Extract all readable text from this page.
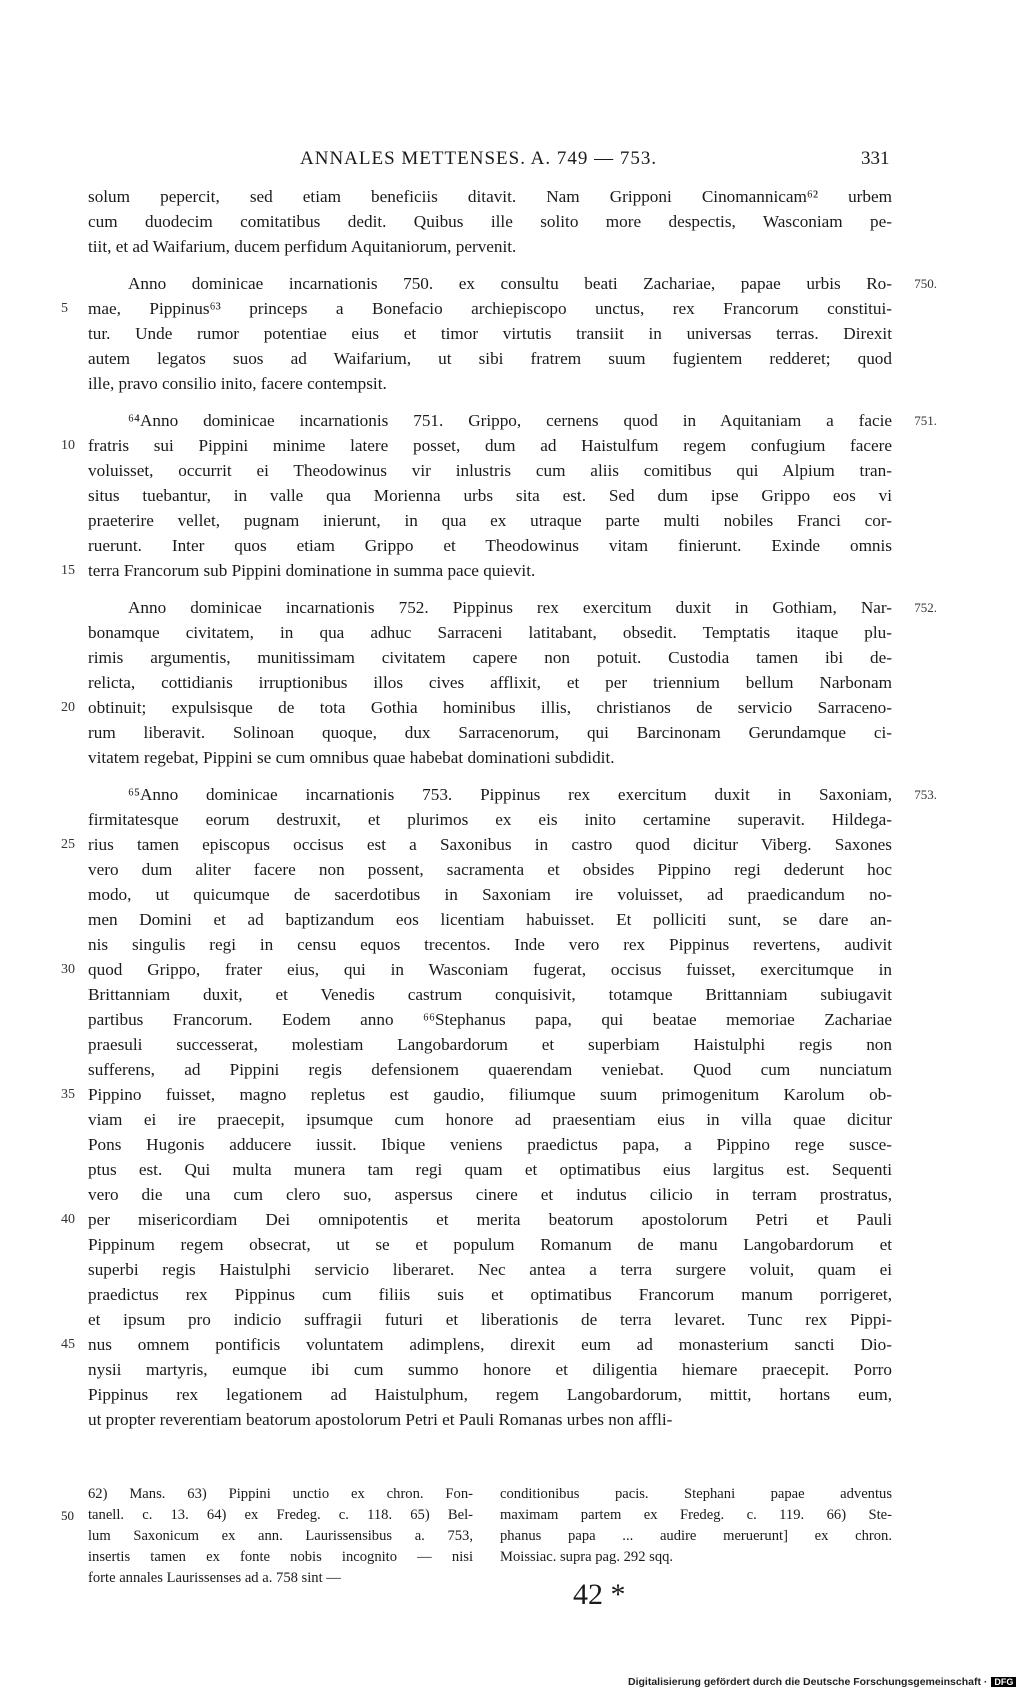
ANNALES METTENSES. A. 749 — 753.	331
solum pepercit, sed etiam beneficiis ditavit. Nam Gripponi Cinomannicam⁶² urbem
cum duodecim comitatibus dedit. Quibus ille solito more despectis, Wasconiam pe-
tiit, et ad Waifarium, ducem perfidum Aquitaniorum, pervenit.
Anno dominicae incarnationis 750. ex consultu beati Zachariae, papae urbis Ro- 750.
mae, Pippinus⁶³ princeps a Bonefacio archiepiscopo unctus, rex Francorum constitui-
5
tur. Unde rumor potentiae eius et timor virtutis transiit in universas terras. Direxit
autem legatos suos ad Waifarium, ut sibi fratrem suum fugientem redderet; quod
ille, pravo consilio inito, facere contempsit.
⁶⁴Anno dominicae incarnationis 751. Grippo, cernens quod in Aquitaniam a facie 751.
fratris sui Pippini minime latere posset, dum ad Haistulfum regem confugium facere
10
voluisset, occurrit ei Theodowinus vir inlustris cum aliis comitibus qui Alpium tran-
situs tuebantur, in valle qua Morienna urbs sita est. Sed dum ipse Grippo eos vi
praeterire vellet, pugnam inierunt, in qua ex utraque parte multi nobiles Franci cor-
ruerunt. Inter quos etiam Grippo et Theodowinus vitam finierunt. Exinde omnis
terra Francorum sub Pippini dominatione in summa pace quievit.
15
Anno dominicae incarnationis 752. Pippinus rex exercitum duxit in Gothiam, Nar- 752.
bonamque civitatem, in qua adhuc Sarraceni latitabant, obsedit. Temptatis itaque plu-
rimis argumentis, munitissimam civitatem capere non potuit. Custodia tamen ibi de-
relicta, cottidianis irruptionibus illos cives afflixit, et per triennium bellum Narbonam
obtinuit; expulsisque de tota Gothia hominibus illis, christianos de servicio Sarraceno-
20
rum liberavit. Solinoan quoque, dux Sarracenorum, qui Barcinonam Gerundamque ci-
vitatem regebat, Pippini se cum omnibus quae habebat dominationi subdidit.
⁶⁵Anno dominicae incarnationis 753. Pippinus rex exercitum duxit in Saxoniam, 753.
firmitatesque eorum destruxit, et plurimos ex eis inito certamine superavit. Hildega-
rius tamen episcopus occisus est a Saxonibus in castro quod dicitur Viberg. Saxones
25
vero dum aliter facere non possent, sacramenta et obsides Pippino regi dederunt hoc
modo, ut quicumque de sacerdotibus in Saxoniam ire voluisset, ad praedicandum no-
men Domini et ad baptizandum eos licentiam habuisset. Et polliciti sunt, se dare an-
nis singulis regi in censu equos trecentos. Inde vero rex Pippinus revertens, audivit
quod Grippo, frater eius, qui in Wasconiam fugerat, occisus fuisset, exercitumque in
30
Brittanniam duxit, et Venedis castrum conquisivit, totamque Brittanniam subiugavit
partibus Francorum. Eodem anno ⁶⁶Stephanus papa, qui beatae memoriae Zachariae
praesuli successerat, molestiam Langobardorum et superbiam Haistulphi regis non
sufferens, ad Pippini regis defensionem quaerendam veniebat. Quod cum nunciatum
Pippino fuisset, magno repletus est gaudio, filiumque suum primogenitum Karolum ob-
35
viam ei ire praecepit, ipsumque cum honore ad praesentiam eius in villa quae dicitur
Pons Hugonis adducere iussit. Ibique veniens praedictus papa, a Pippino rege susce-
ptus est. Qui multa munera tam regi quam et optimatibus eius largitus est. Sequenti
vero die una cum clero suo, aspersus cinere et indutus cilicio in terram prostratus,
per misericordiam Dei omnipotentis et merita beatorum apostolorum Petri et Pauli
40
Pippinum regem obsecrat, ut se et populum Romanum de manu Langobardorum et
superbi regis Haistulphi servicio liberaret. Nec antea a terra surgere voluit, quam ei
praedictus rex Pippinus cum filiis suis et optimatibus Francorum manum porrigeret,
et ipsum pro indicio suffragii futuri et liberationis de terra levaret. Tunc rex Pippi-
nus omnem pontificis voluntatem adimplens, direxit eum ad monasterium sancti Dio-
45
nysii martyris, eumque ibi cum summo honore et diligentia hiemare praecepit. Porro
Pippinus rex legationem ad Haistulphum, regem Langobardorum, mittit, hortans eum,
ut propter reverentiam beatorum apostolorum Petri et Pauli Romanas urbes non affli-
62) Mans. 63) Pippini unctio ex chron. Fon-
tanell. c. 13. 64) ex Fredeg. c. 118. 65) Bel-
50
lum Saxonicum ex ann. Laurissensibus a. 753,
insertis tamen ex fonte nobis incognito — nisi
forte annales Laurissenses ad a. 758 sint —
conditionibus pacis. Stephani papae adventus
maximam partem ex Fredeg. c. 119. 66) Ste-
phanus papa ... audire meruerunt] ex chron.
Moissiac. supra pag. 292 sqq.
42 *
Digitalisierung gefördert durch die Deutsche Forschungsgemeinschaft · DFG
